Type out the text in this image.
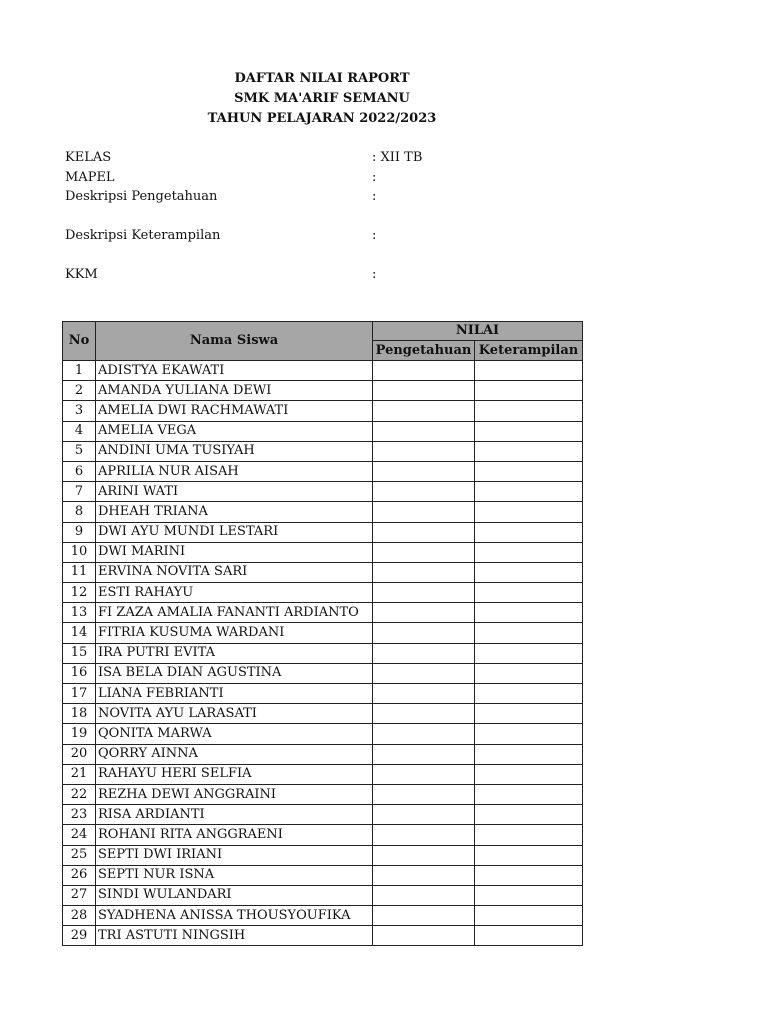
DAFTAR NILAI RAPORT
SMK MA'ARIF SEMANU
TAHUN PELAJARAN 2022/2023
KELAS	: XII TB
MAPEL	:
Deskripsi Pengetahuan	:
Deskripsi Keterampilan	:
KKM	:
No	Nama Siswa	NILAI	
		Pengetahuan	Keterampilan
1	ADISTYA EKAWATI		
2	AMANDA YULIANA DEWI		
3	AMELIA DWI RACHMAWATI		
4	AMELIA VEGA		
5	ANDINI UMA TUSIYAH		
6	APRILIA NUR AISAH		
7	ARINI WATI		
8	DHEAH TRIANA		
9	DWI AYU MUNDI LESTARI		
10	DWI MARINI		
11	ERVINA NOVITA SARI		
12	ESTI RAHAYU		
13	FI ZAZA AMALIA FANANTI ARDIANTO		
14	FITRIA KUSUMA WARDANI		
15	IRA PUTRI EVITA		
16	ISA BELA DIAN AGUSTINA		
17	LIANA FEBRIANTI		
18	NOVITA AYU LARASATI		
19	QONITA MARWA		
20	QORRY AINNA		
21	RAHAYU HERI SELFIA		
22	REZHA DEWI ANGGRAINI		
23	RISA ARDIANTI		
24	ROHANI RITA ANGGRAENI		
25	SEPTI DWI IRIANI		
26	SEPTI NUR ISNA		
27	SINDI WULANDARI		
28	SYADHENA ANISSA THOUSYOUFIKA		
29	TRI ASTUTI NINGSIH		
